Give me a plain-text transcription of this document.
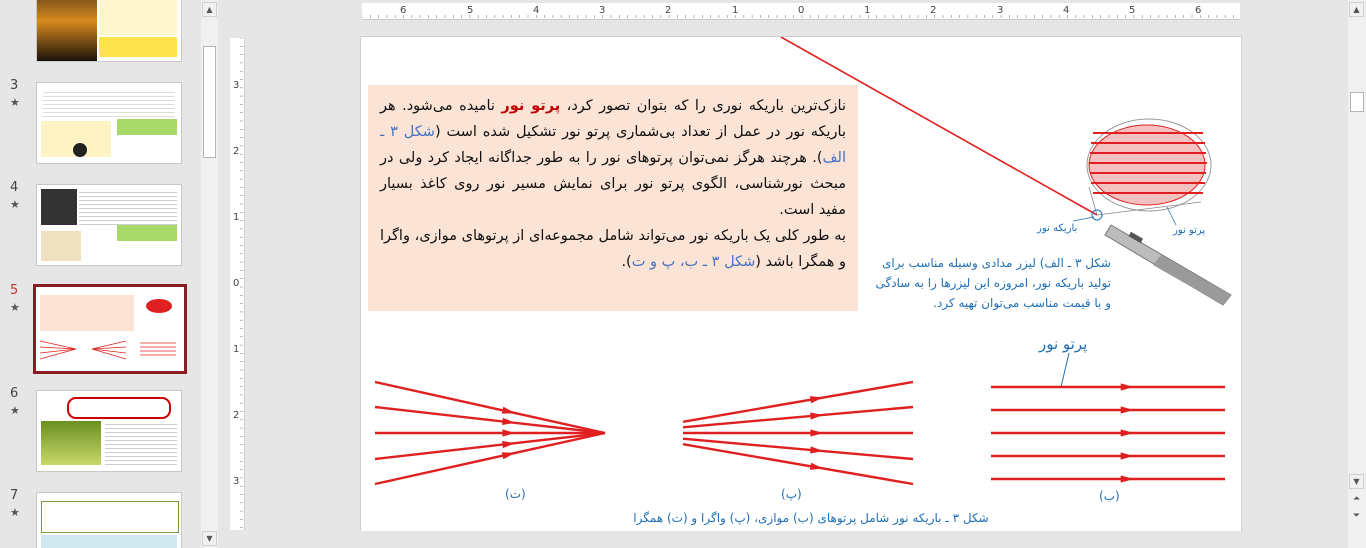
3
★
4
★
5
★
6
★
7
★
▲
▼
6	5	4	3	2	1	0	1	2	3	4	5	6
3
2
1
0
1
2
3
نازک‌ترین باریکه نوری را که بتوان تصور کرد، پرتو نور نامیده می‌شود. هر باریکه نور در عمل از تعداد بی‌شماری پرتو نور تشکیل شده است (شکل ۳ ـ الف). هرچند هرگز نمی‌توان پرتوهای نور را به طور جداگانه ایجاد کرد ولی در مبحث نورشناسی، الگوی پرتو نور برای نمایش مسیر نور روی کاغذ بسیار مفید است.
به طور کلی یک باریکه نور می‌تواند شامل مجموعه‌ای از پرتوهای موازی، واگرا و همگرا باشد (شکل ۳ ـ ب، پ و ت).
باریکه نور	پرتو نور
شکل ۳ ـ الف) لیزر مدادی وسیله مناسب برای تولید باریکه نور، امروزه این لیزرها را به سادگی و با قیمت مناسب می‌توان تهیه کرد.
پرتو نور
(ب)
(پ)
(ت)
شکل ۳ ـ باریکه نور شامل پرتوهای (ب) موازی، (پ) واگرا و (ت) همگرا
▲
▼
⏶
⏷
